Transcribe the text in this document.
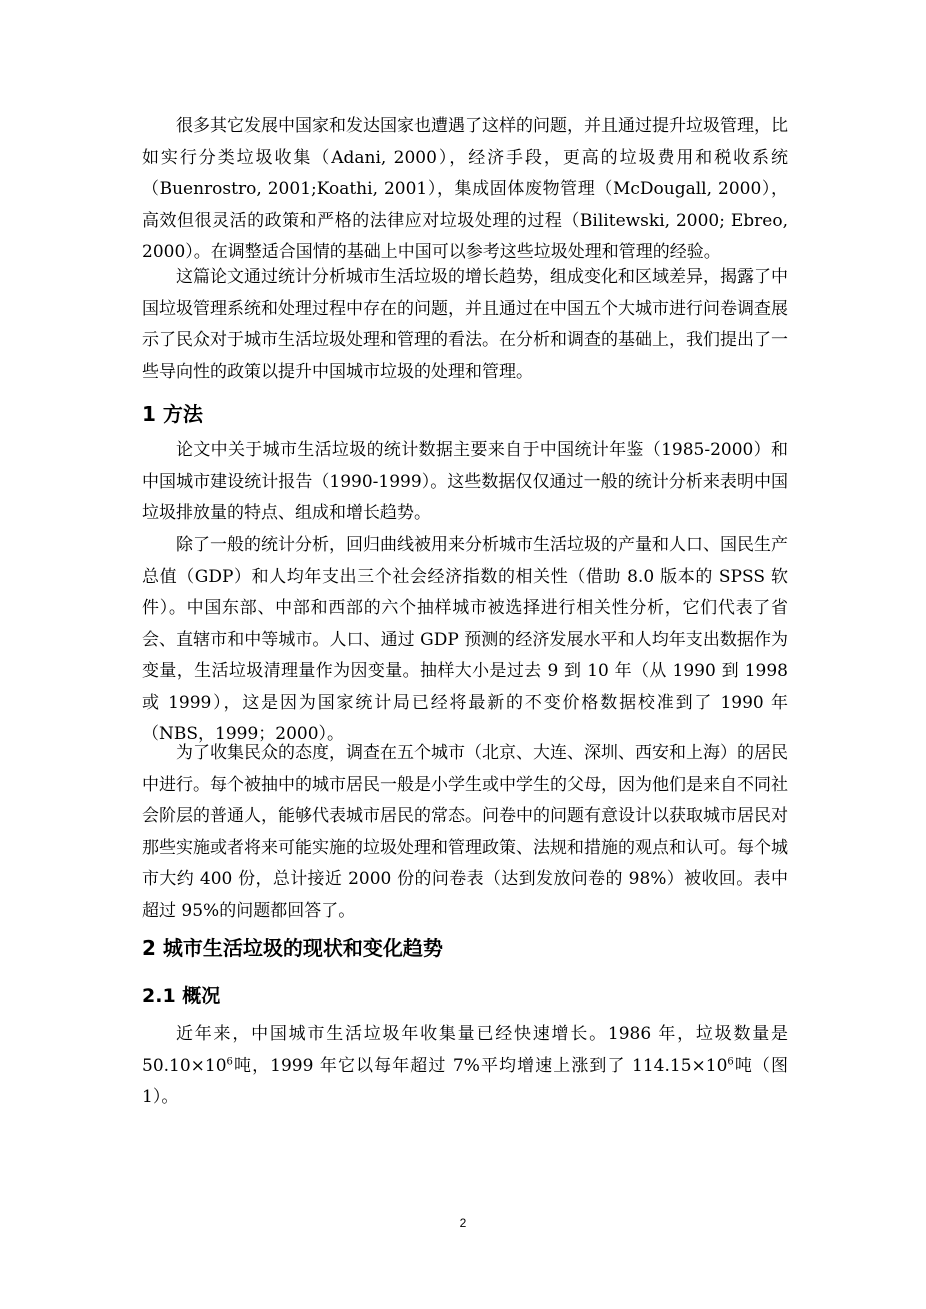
很多其它发展中国家和发达国家也遭遇了这样的问题，并且通过提升垃圾管理，比如实行分类垃圾收集（Adani, 2000），经济手段，更高的垃圾费用和税收系统（Buenrostro, 2001;Koathi, 2001），集成固体废物管理（McDougall, 2000），高效但很灵活的政策和严格的法律应对垃圾处理的过程（Bilitewski, 2000; Ebreo, 2000）。在调整适合国情的基础上中国可以参考这些垃圾处理和管理的经验。

这篇论文通过统计分析城市生活垃圾的增长趋势，组成变化和区域差异，揭露了中国垃圾管理系统和处理过程中存在的问题，并且通过在中国五个大城市进行问卷调查展示了民众对于城市生活垃圾处理和管理的看法。在分析和调查的基础上，我们提出了一些导向性的政策以提升中国城市垃圾的处理和管理。

1 方法

论文中关于城市生活垃圾的统计数据主要来自于中国统计年鉴（1985-2000）和中国城市建设统计报告（1990-1999）。这些数据仅仅通过一般的统计分析来表明中国垃圾排放量的特点、组成和增长趋势。

除了一般的统计分析，回归曲线被用来分析城市生活垃圾的产量和人口、国民生产总值（GDP）和人均年支出三个社会经济指数的相关性（借助 8.0 版本的 SPSS 软件）。中国东部、中部和西部的六个抽样城市被选择进行相关性分析，它们代表了省会、直辖市和中等城市。人口、通过 GDP 预测的经济发展水平和人均年支出数据作为变量，生活垃圾清理量作为因变量。抽样大小是过去 9 到 10 年（从 1990 到 1998 或 1999），这是因为国家统计局已经将最新的不变价格数据校准到了 1990 年（NBS，1999；2000）。

为了收集民众的态度，调查在五个城市（北京、大连、深圳、西安和上海）的居民中进行。每个被抽中的城市居民一般是小学生或中学生的父母，因为他们是来自不同社会阶层的普通人，能够代表城市居民的常态。问卷中的问题有意设计以获取城市居民对那些实施或者将来可能实施的垃圾处理和管理政策、法规和措施的观点和认可。每个城市大约 400 份，总计接近 2000 份的问卷表（达到发放问卷的 98%）被收回。表中超过 95%的问题都回答了。

2 城市生活垃圾的现状和变化趋势
2.1 概况

近年来，中国城市生活垃圾年收集量已经快速增长。1986 年，垃圾数量是 $50.10\times 10^6$吨，1999 年它以每年超过 7%平均增速上涨到了 $114.15\times 10^6$吨（图 1）。

2
